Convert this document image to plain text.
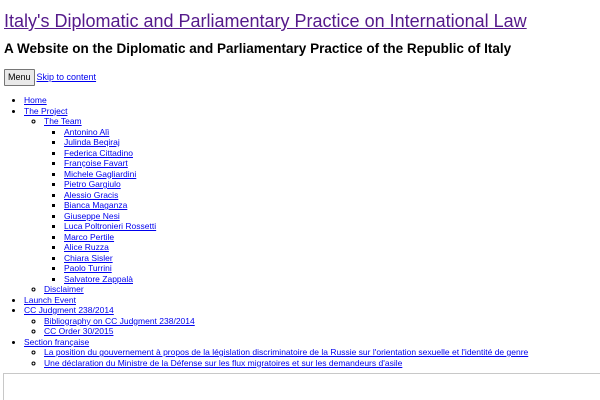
Italy's Diplomatic and Parliamentary Practice on International Law

A Website on the Diplomatic and Parliamentary Practice of the Republic of Italy

Menu Skip to content
• Home
• The Project
◦ The Team
▪ Antonino Alì
▪ Julinda Beqiraj
▪ Federica Cittadino
▪ Françoise Favart
▪ Michele Gagliardini
▪ Pietro Gargiulo
▪ Alessio Gracis
▪ Bianca Maganza
▪ Giuseppe Nesi
▪ Luca Poltronieri Rossetti
▪ Marco Pertile
▪ Alice Ruzza
▪ Chiara Sisler
▪ Paolo Turrini
▪ Salvatore Zappalà
◦ Disclaimer
• Launch Event
• CC Judgment 238/2014
◦ Bibliography on CC Judgment 238/2014
◦ CC Order 30/2015
• Section française
◦ La position du gouvernement à propos de la législation discriminatoire de la Russie sur l'orientation sexuelle et l'identité de genre
◦ Une déclaration du Ministre de la Défense sur les flux migratoires et sur les demandeurs d'asile
